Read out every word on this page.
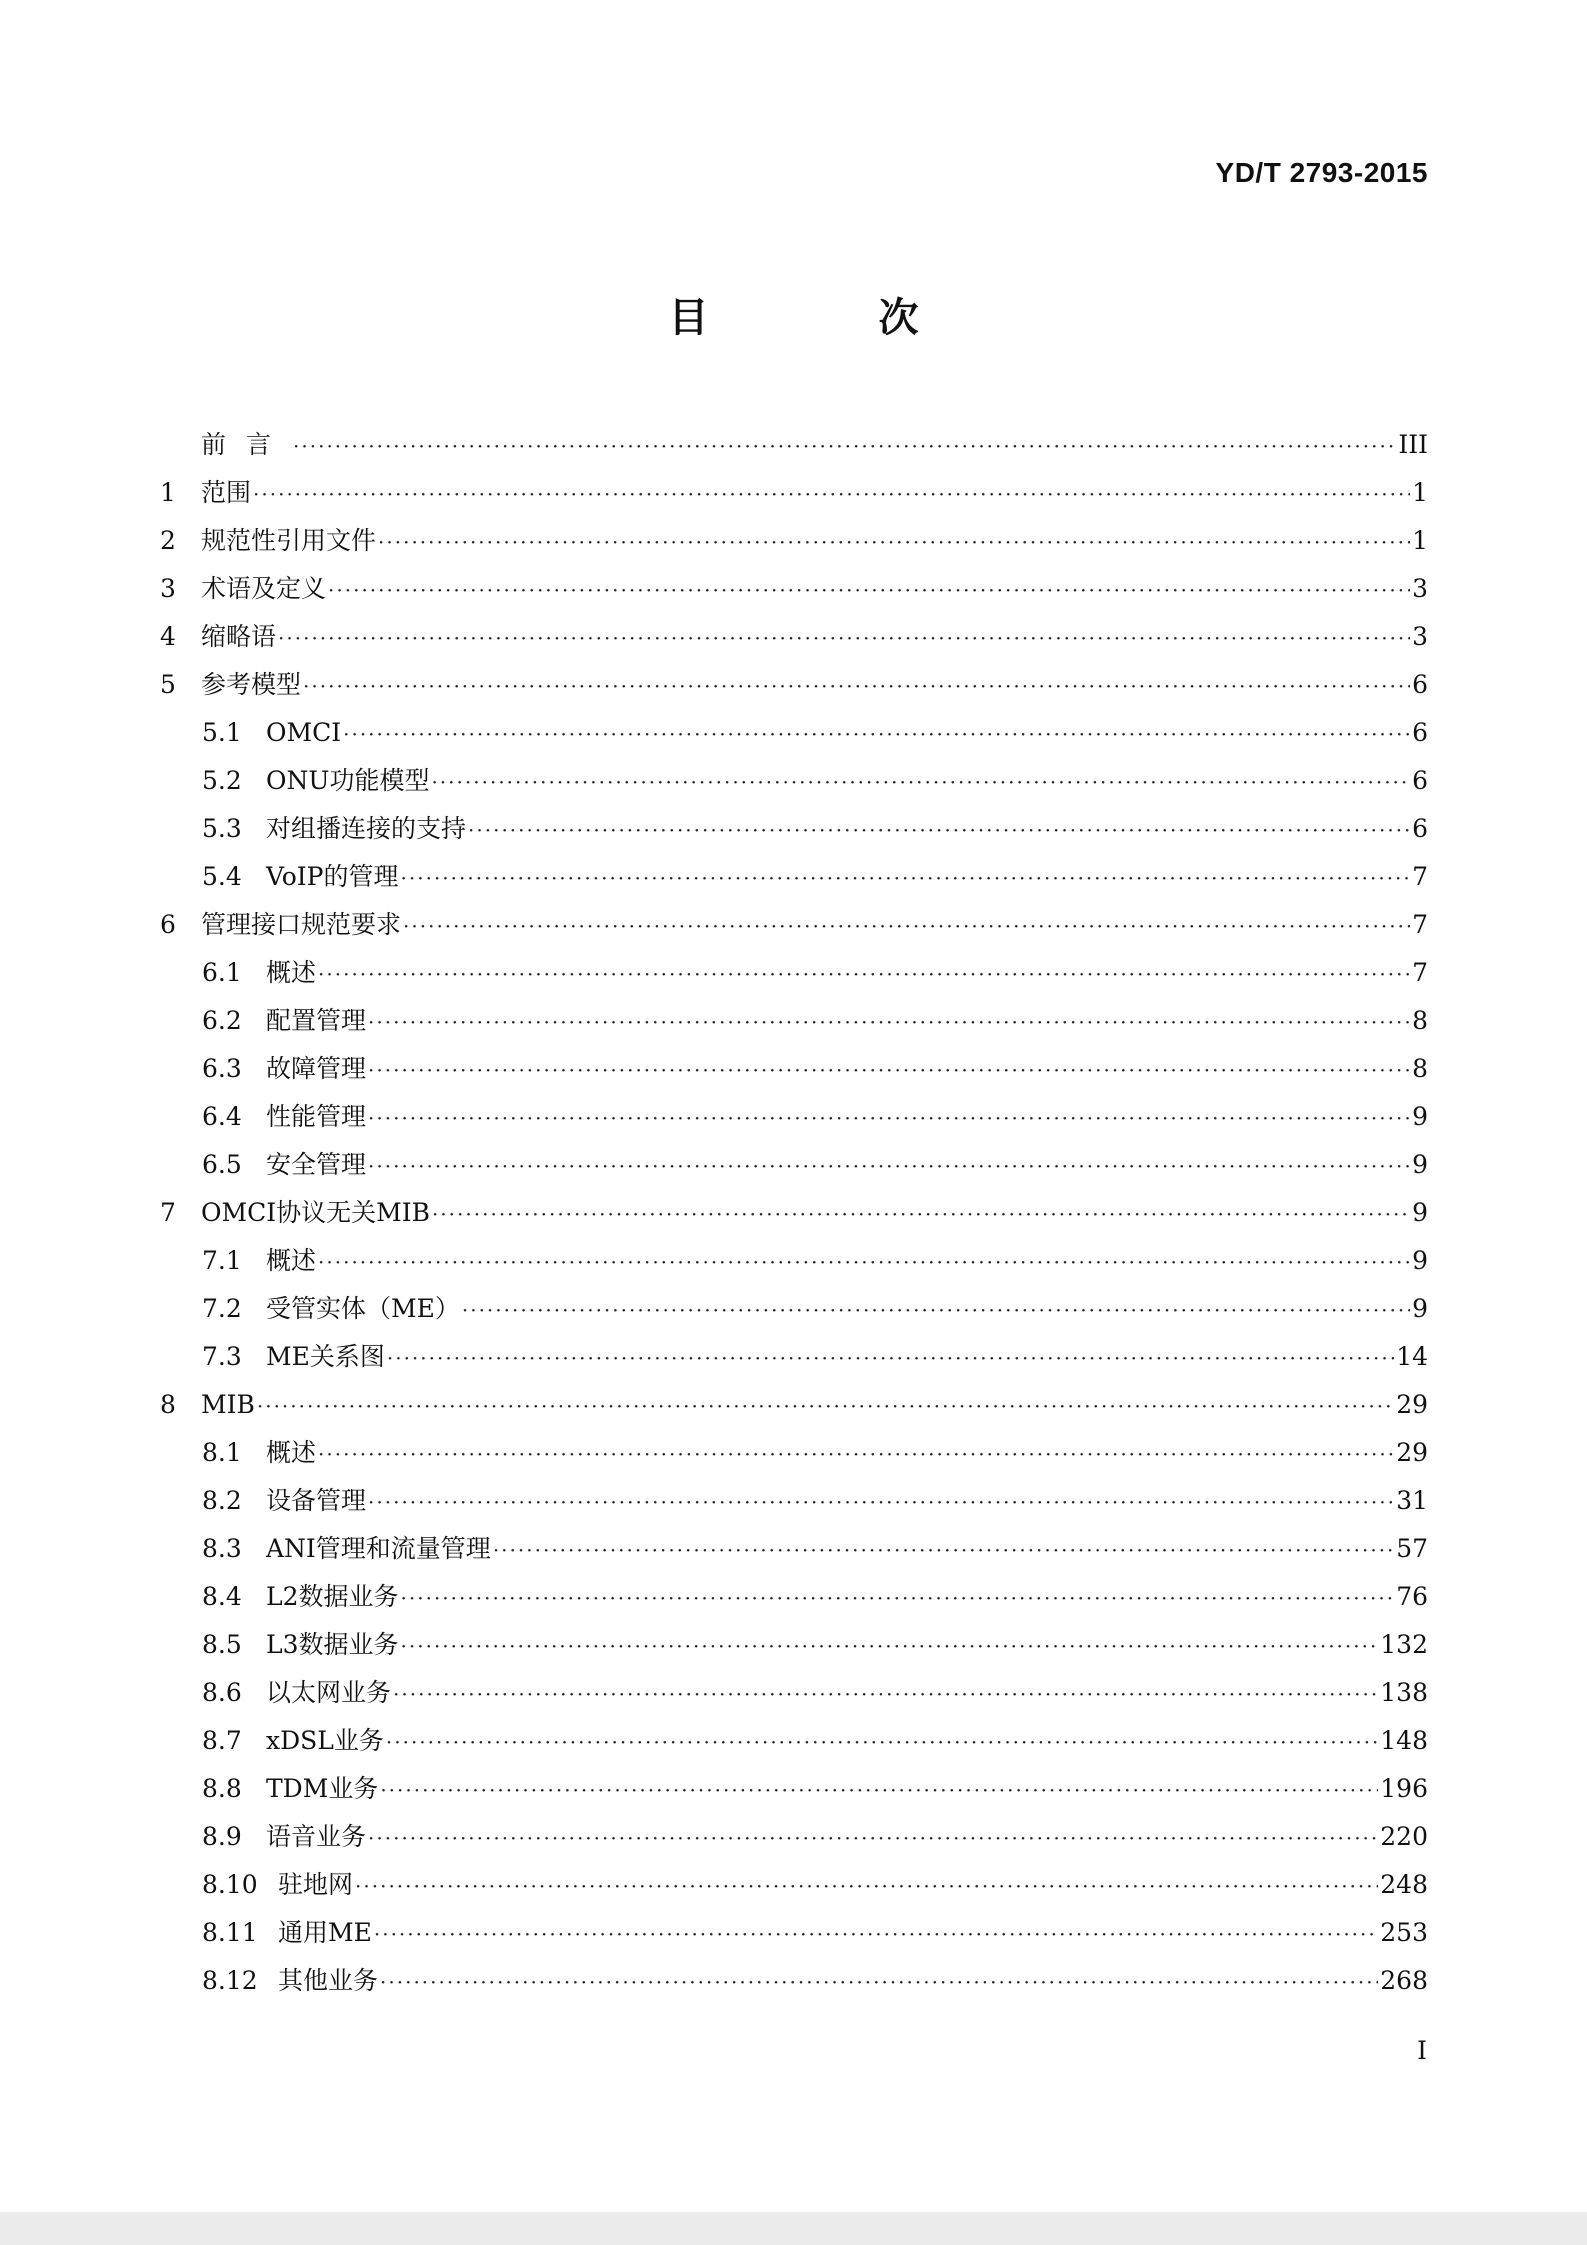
YD/T 2793-2015
目 次
前言 ·····	III
1	范围 ·····	1
2	规范性引用文件 ·····	1
3	术语及定义 ·····	3
4	缩略语 ·····	3
5	参考模型 ·····	6
5.1 OMCI ·····	6
5.2 ONU功能模型 ·····	6
5.3 对组播连接的支持 ·····	6
5.4 VoIP的管理 ·····	7
6	管理接口规范要求 ·····	7
6.1 概述 ·····	7
6.2 配置管理 ·····	8
6.3 故障管理 ·····	8
6.4 性能管理 ·····	9
6.5 安全管理 ·····	9
7	OMCI协议无关MIB ·····	9
7.1 概述 ·····	9
7.2 受管实体（ME） ·····	9
7.3 ME关系图 ·····	14
8	MIB ·····	29
8.1 概述 ·····	29
8.2 设备管理 ·····	31
8.3 ANI管理和流量管理 ·····	57
8.4 L2数据业务 ·····	76
8.5 L3数据业务 ·····	132
8.6 以太网业务 ·····	138
8.7 xDSL业务 ·····	148
8.8 TDM业务 ·····	196
8.9 语音业务 ·····	220
8.10 驻地网 ·····	248
8.11 通用ME ·····	253
8.12 其他业务 ·····	268
I
